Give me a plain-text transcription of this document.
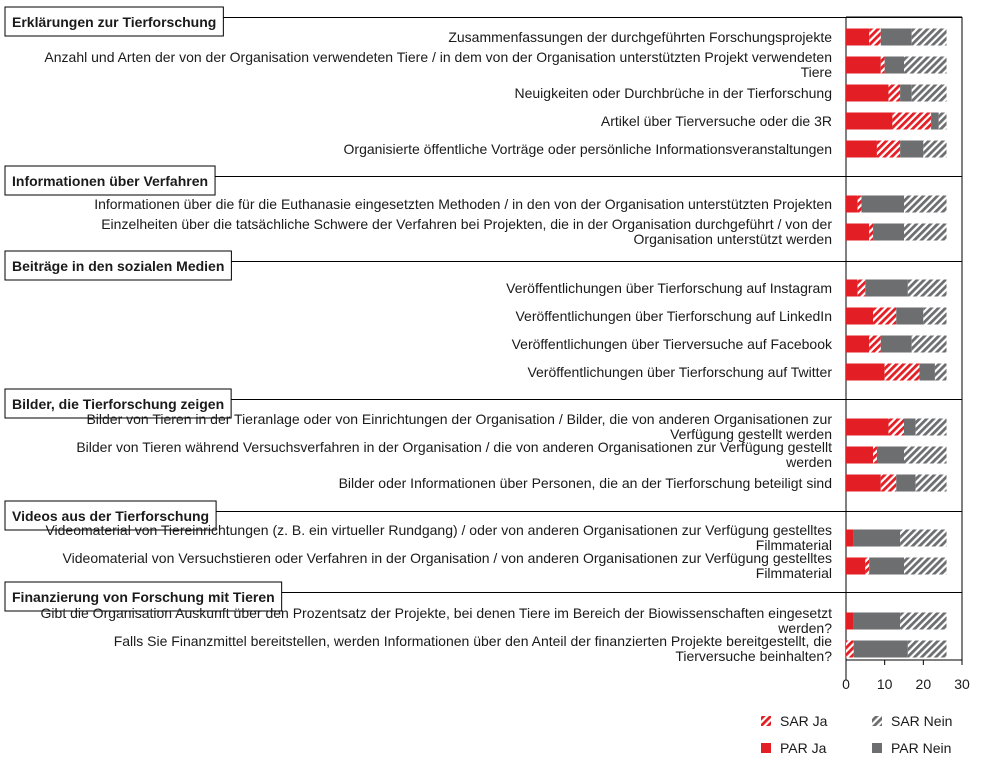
Erklärungen zur Tierforschung
Informationen über Verfahren
Beiträge in den sozialen Medien
Bilder, die Tierforschung zeigen
Videos aus der Tierforschung
Finanzierung von Forschung mit Tieren
Zusammenfassungen der durchgeführten Forschungsprojekte
Anzahl und Arten der von der Organisation verwendeten Tiere / in dem von der Organisation unterstützten Projekt verwendeten
Tiere
Neuigkeiten oder Durchbrüche in der Tierforschung
Artikel über Tierversuche oder die 3R
Organisierte öffentliche Vorträge oder persönliche Informationsveranstaltungen
Informationen über die für die Euthanasie eingesetzten Methoden / in den von der Organisation unterstützten Projekten
Einzelheiten über die tatsächliche Schwere der Verfahren bei Projekten, die in der Organisation durchgeführt / von der
Organisation unterstützt werden
Veröffentlichungen über Tierforschung auf Instagram
Veröffentlichungen über Tierforschung auf LinkedIn
Veröffentlichungen über Tierversuche auf Facebook
Veröffentlichungen über Tierforschung auf Twitter
Bilder von Tieren in der Tieranlage oder von Einrichtungen der Organisation / Bilder, die von anderen Organisationen zur
Verfügung gestellt werden
Bilder von Tieren während Versuchsverfahren in der Organisation / die von anderen Organisationen zur Verfügung gestellt
werden
Bilder oder Informationen über Personen, die an der Tierforschung beteiligt sind
Videomaterial von Tiereinrichtungen (z. B. ein virtueller Rundgang) / oder von anderen Organisationen zur Verfügung gestelltes
Filmmaterial
Videomaterial von Versuchstieren oder Verfahren in der Organisation / von anderen Organisationen zur Verfügung gestelltes
Filmmaterial
Gibt die Organisation Auskunft über den Prozentsatz der Projekte, bei denen Tiere im Bereich der Biowissenschaften eingesetzt
werden?
Falls Sie Finanzmittel bereitstellen, werden Informationen über den Anteil der finanzierten Projekte bereitgestellt, die
Tierversuche beinhalten?
0 10 20 30
SAR Ja	SAR Nein
PAR Ja	PAR Nein
